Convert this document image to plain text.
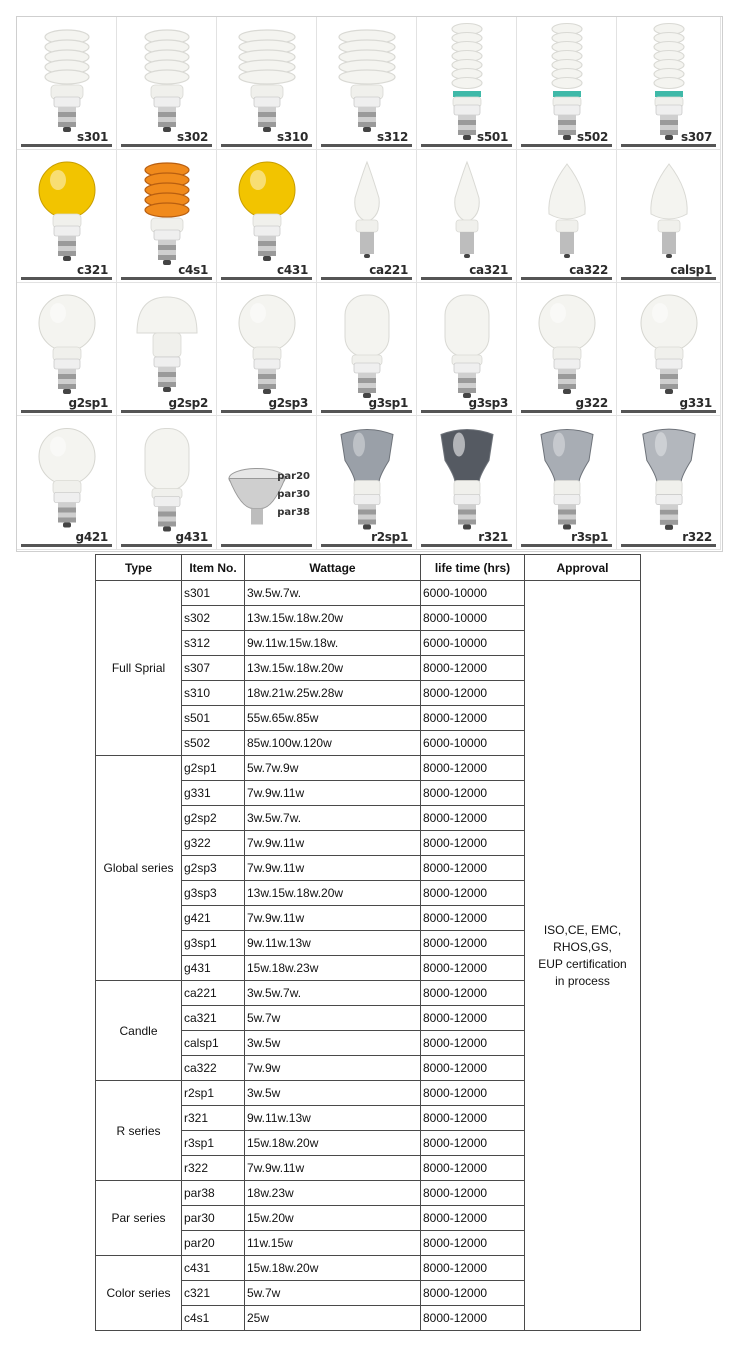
s301	s302	s310	s312	s501	s502	s307
c321	c4s1	c431	ca221	ca321	ca322	calsp1
g2sp1	g2sp2	g2sp3	g3sp1	g3sp3	g322	g331
g421	g431
par20
par30
par38
r2sp1	r321	r3sp1	r322
Type	Item No.	Wattage	life time (hrs)	Approval
Full Sprial	s301	3w.5w.7w.	6000-10000	ISO,CE, EMC,
RHOS,GS,
EUP certification
in process

	s302	13w.15w.18w.20w	8000-10000	
	s312	9w.11w.15w.18w.	6000-10000	
	s307	13w.15w.18w.20w	8000-12000	
	s310	18w.21w.25w.28w	8000-12000	
	s501	55w.65w.85w	8000-12000	
	s502	85w.100w.120w	6000-10000	
Global series	g2sp1	5w.7w.9w	8000-12000	
	g331	7w.9w.11w	8000-12000	
	g2sp2	3w.5w.7w.	8000-12000	
	g322	7w.9w.11w	8000-12000	
	g2sp3	7w.9w.11w	8000-12000	
	g3sp3	13w.15w.18w.20w	8000-12000	
	g421	7w.9w.11w	8000-12000	
	g3sp1	9w.11w.13w	8000-12000	
	g431	15w.18w.23w	8000-12000	
Candle	ca221	3w.5w.7w.	8000-12000	
	ca321	5w.7w	8000-12000	
	calsp1	3w.5w	8000-12000	
	ca322	7w.9w	8000-12000	
R series	r2sp1	3w.5w	8000-12000	
	r321	9w.11w.13w	8000-12000	
	r3sp1	15w.18w.20w	8000-12000	
	r322	7w.9w.11w	8000-12000	
Par series	par38	18w.23w	8000-12000	
	par30	15w.20w	8000-12000	
	par20	11w.15w	8000-12000	
Color series	c431	15w.18w.20w	8000-12000	
	c321	5w.7w	8000-12000	
	c4s1	25w	8000-12000	
